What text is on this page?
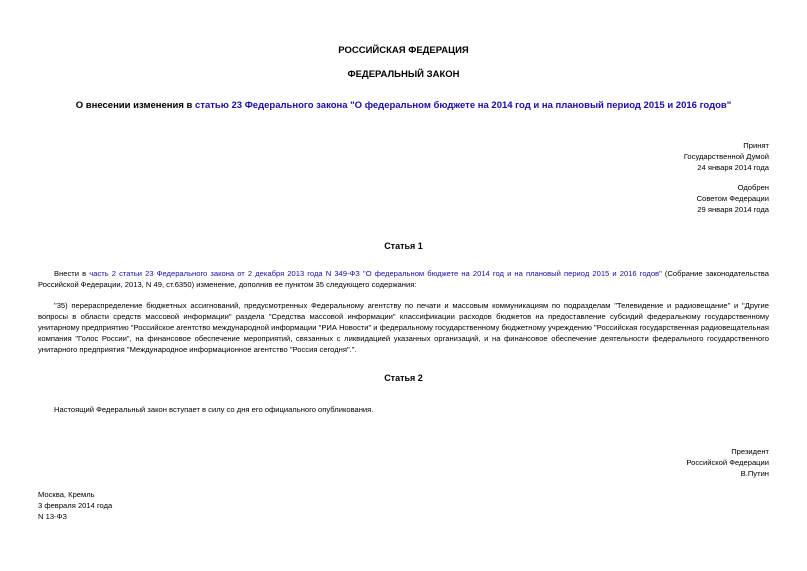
РОССИЙСКАЯ ФЕДЕРАЦИЯ
ФЕДЕРАЛЬНЫЙ ЗАКОН
О внесении изменения в статью 23 Федерального закона "О федеральном бюджете на 2014 год и на плановый период 2015 и 2016 годов"
Принят
Государственной Думой
24 января 2014 года
Одобрен
Советом Федерации
29 января 2014 года
Статья 1
Внести в часть 2 статьи 23 Федерального закона от 2 декабря 2013 года N 349-ФЗ "О федеральном бюджете на 2014 год и на плановый период 2015 и 2016 годов" (Собрание законодательства Российской Федерации, 2013, N 49, ст.6350) изменение, дополнив ее пунктом 35 следующего содержания:
"35) перераспределение бюджетных ассигнований, предусмотренных Федеральному агентству по печати и массовым коммуникациям по подразделам "Телевидение и радиовещание" и "Другие вопросы в области средств массовой информации" раздела "Средства массовой информации" классификации расходов бюджетов на предоставление субсидий федеральному государственному унитарному предприятию "Российское агентство международной информации "РИА Новости" и федеральному государственному бюджетному учреждению "Российская государственная радиовещательная компания "Голос России", на финансовое обеспечение мероприятий, связанных с ликвидацией указанных организаций, и на финансовое обеспечение деятельности федерального государственного унитарного предприятия "Международное информационное агентство "Россия сегодня".".
Статья 2
Настоящий Федеральный закон вступает в силу со дня его официального опубликования.
Президент
Российской Федерации
В.Путин
Москва, Кремль
3 февраля 2014 года
N 13-ФЗ
